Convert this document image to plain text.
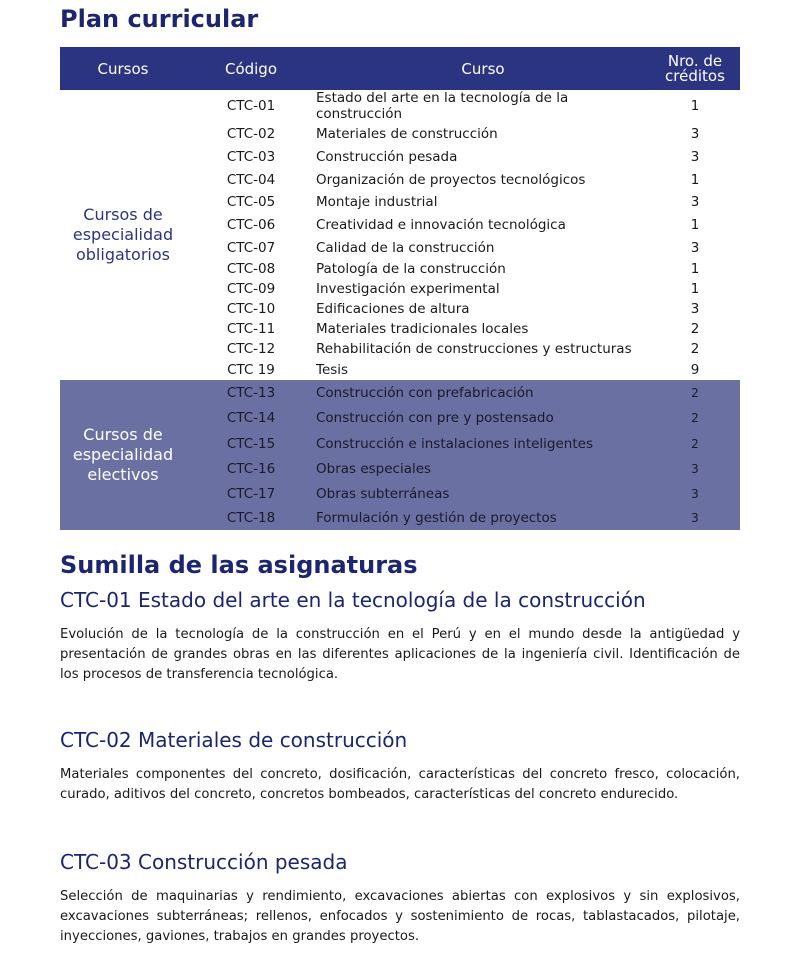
Plan curricular
Cursos	Código	Curso	Nro. de créditos
Cursos de especialidad obligatorios	CTC-01	Estado del arte en la tecnología de la construcción	1
	CTC-02	Materiales de construcción	3
	CTC-03	Construcción pesada	3
	CTC-04	Organización de proyectos tecnológicos	1
	CTC-05	Montaje industrial	3
	CTC-06	Creatividad e innovación tecnológica	1
	CTC-07	Calidad de la construcción	3
	CTC-08	Patología de la construcción	1
	CTC-09	Investigación experimental	1
	CTC-10	Edificaciones de altura	3
	CTC-11	Materiales tradicionales locales	2
	CTC-12	Rehabilitación de construcciones y estructuras	2
	CTC 19	Tesis	9
Cursos de especialidad electivos	CTC-13	Construcción con prefabricación	2
	CTC-14	Construcción con pre y postensado	2
	CTC-15	Construcción e instalaciones inteligentes	2
	CTC-16	Obras especiales	3
	CTC-17	Obras subterráneas	3
	CTC-18	Formulación y gestión de proyectos	3
Sumilla de las asignaturas
CTC-01 Estado del arte en la tecnología de la construcción

Evolución de la tecnología de la construcción en el Perú y en el mundo desde la antigüedad y presentación de grandes obras en las diferentes aplicaciones de la ingeniería civil. Identificación de los procesos de transferencia tecnológica.

CTC-02 Materiales de construcción

Materiales componentes del concreto, dosificación, características del concreto fresco, colocación, curado, aditivos del concreto, concretos bombeados, características del concreto endurecido.

CTC-03 Construcción pesada

Selección de maquinarias y rendimiento, excavaciones abiertas con explosivos y sin explosivos, excavaciones subterráneas; rellenos, enfocados y sostenimiento de rocas, tablastacados, pilotaje, inyecciones, gaviones, trabajos en grandes proyectos.
